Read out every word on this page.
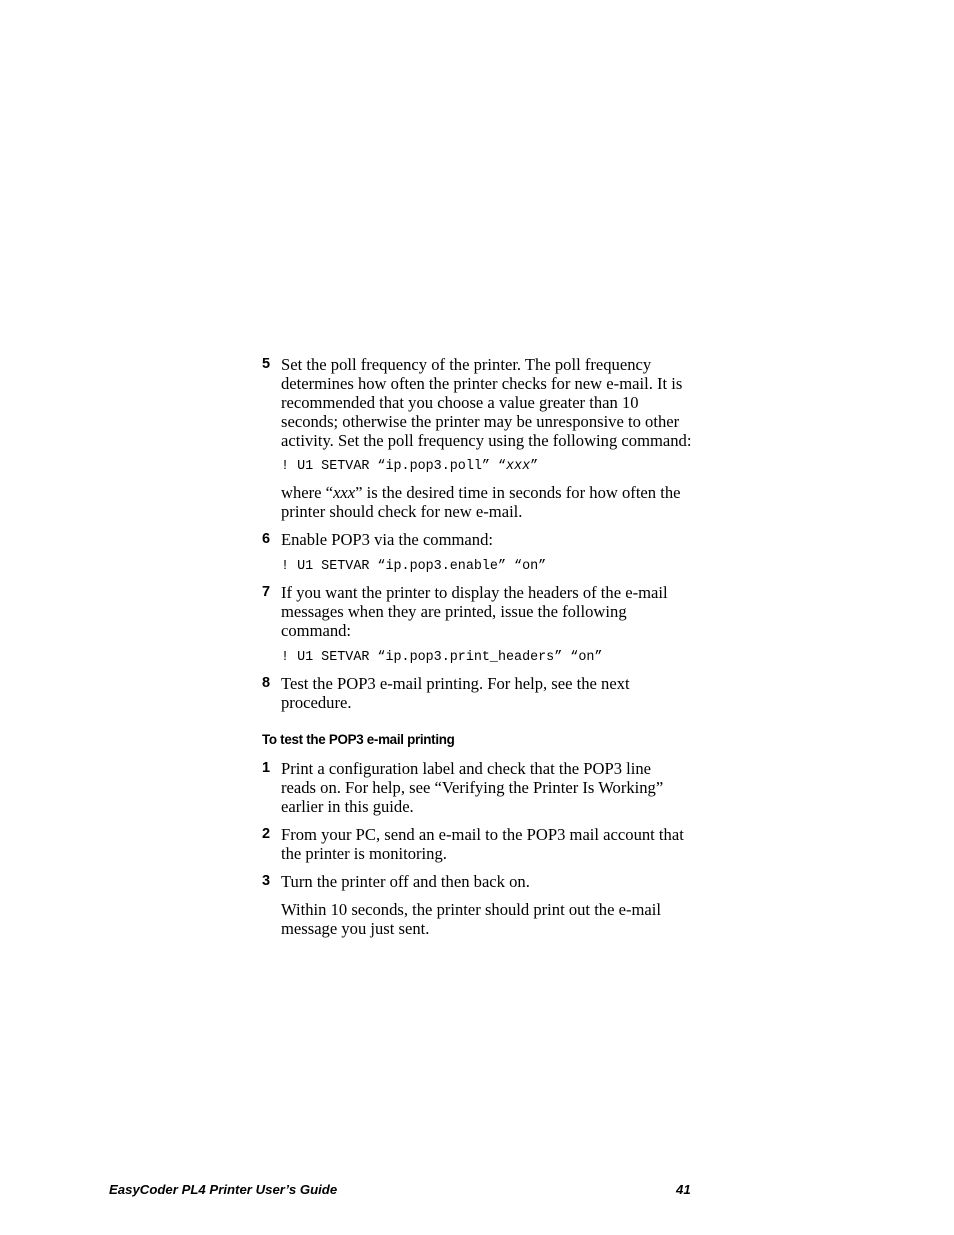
5 Set the poll frequency of the printer. The poll frequency
determines how often the printer checks for new e-mail. It is
recommended that you choose a value greater than 10
seconds; otherwise the printer may be unresponsive to other
activity. Set the poll frequency using the following command:

! U1 SETVAR “ip.pop3.poll” “xxx”

where “xxx” is the desired time in seconds for how often the
printer should check for new e-mail.

6 Enable POP3 via the command:

! U1 SETVAR “ip.pop3.enable” “on”
7 If you want the printer to display the headers of the e-mail
messages when they are printed, issue the following
command:

! U1 SETVAR “ip.pop3.print_headers” “on”
8 Test the POP3 e-mail printing. For help, see the next
procedure.

To test the POP3 e-mail printing
1 Print a configuration label and check that the POP3 line
reads on. For help, see “Verifying the Printer Is Working”
earlier in this guide.

2 From your PC, send an e-mail to the POP3 mail account that
the printer is monitoring.

3 Turn the printer off and then back on.

Within 10 seconds, the printer should print out the e-mail
message you just sent.

EasyCoder PL4 Printer User’s Guide	41
